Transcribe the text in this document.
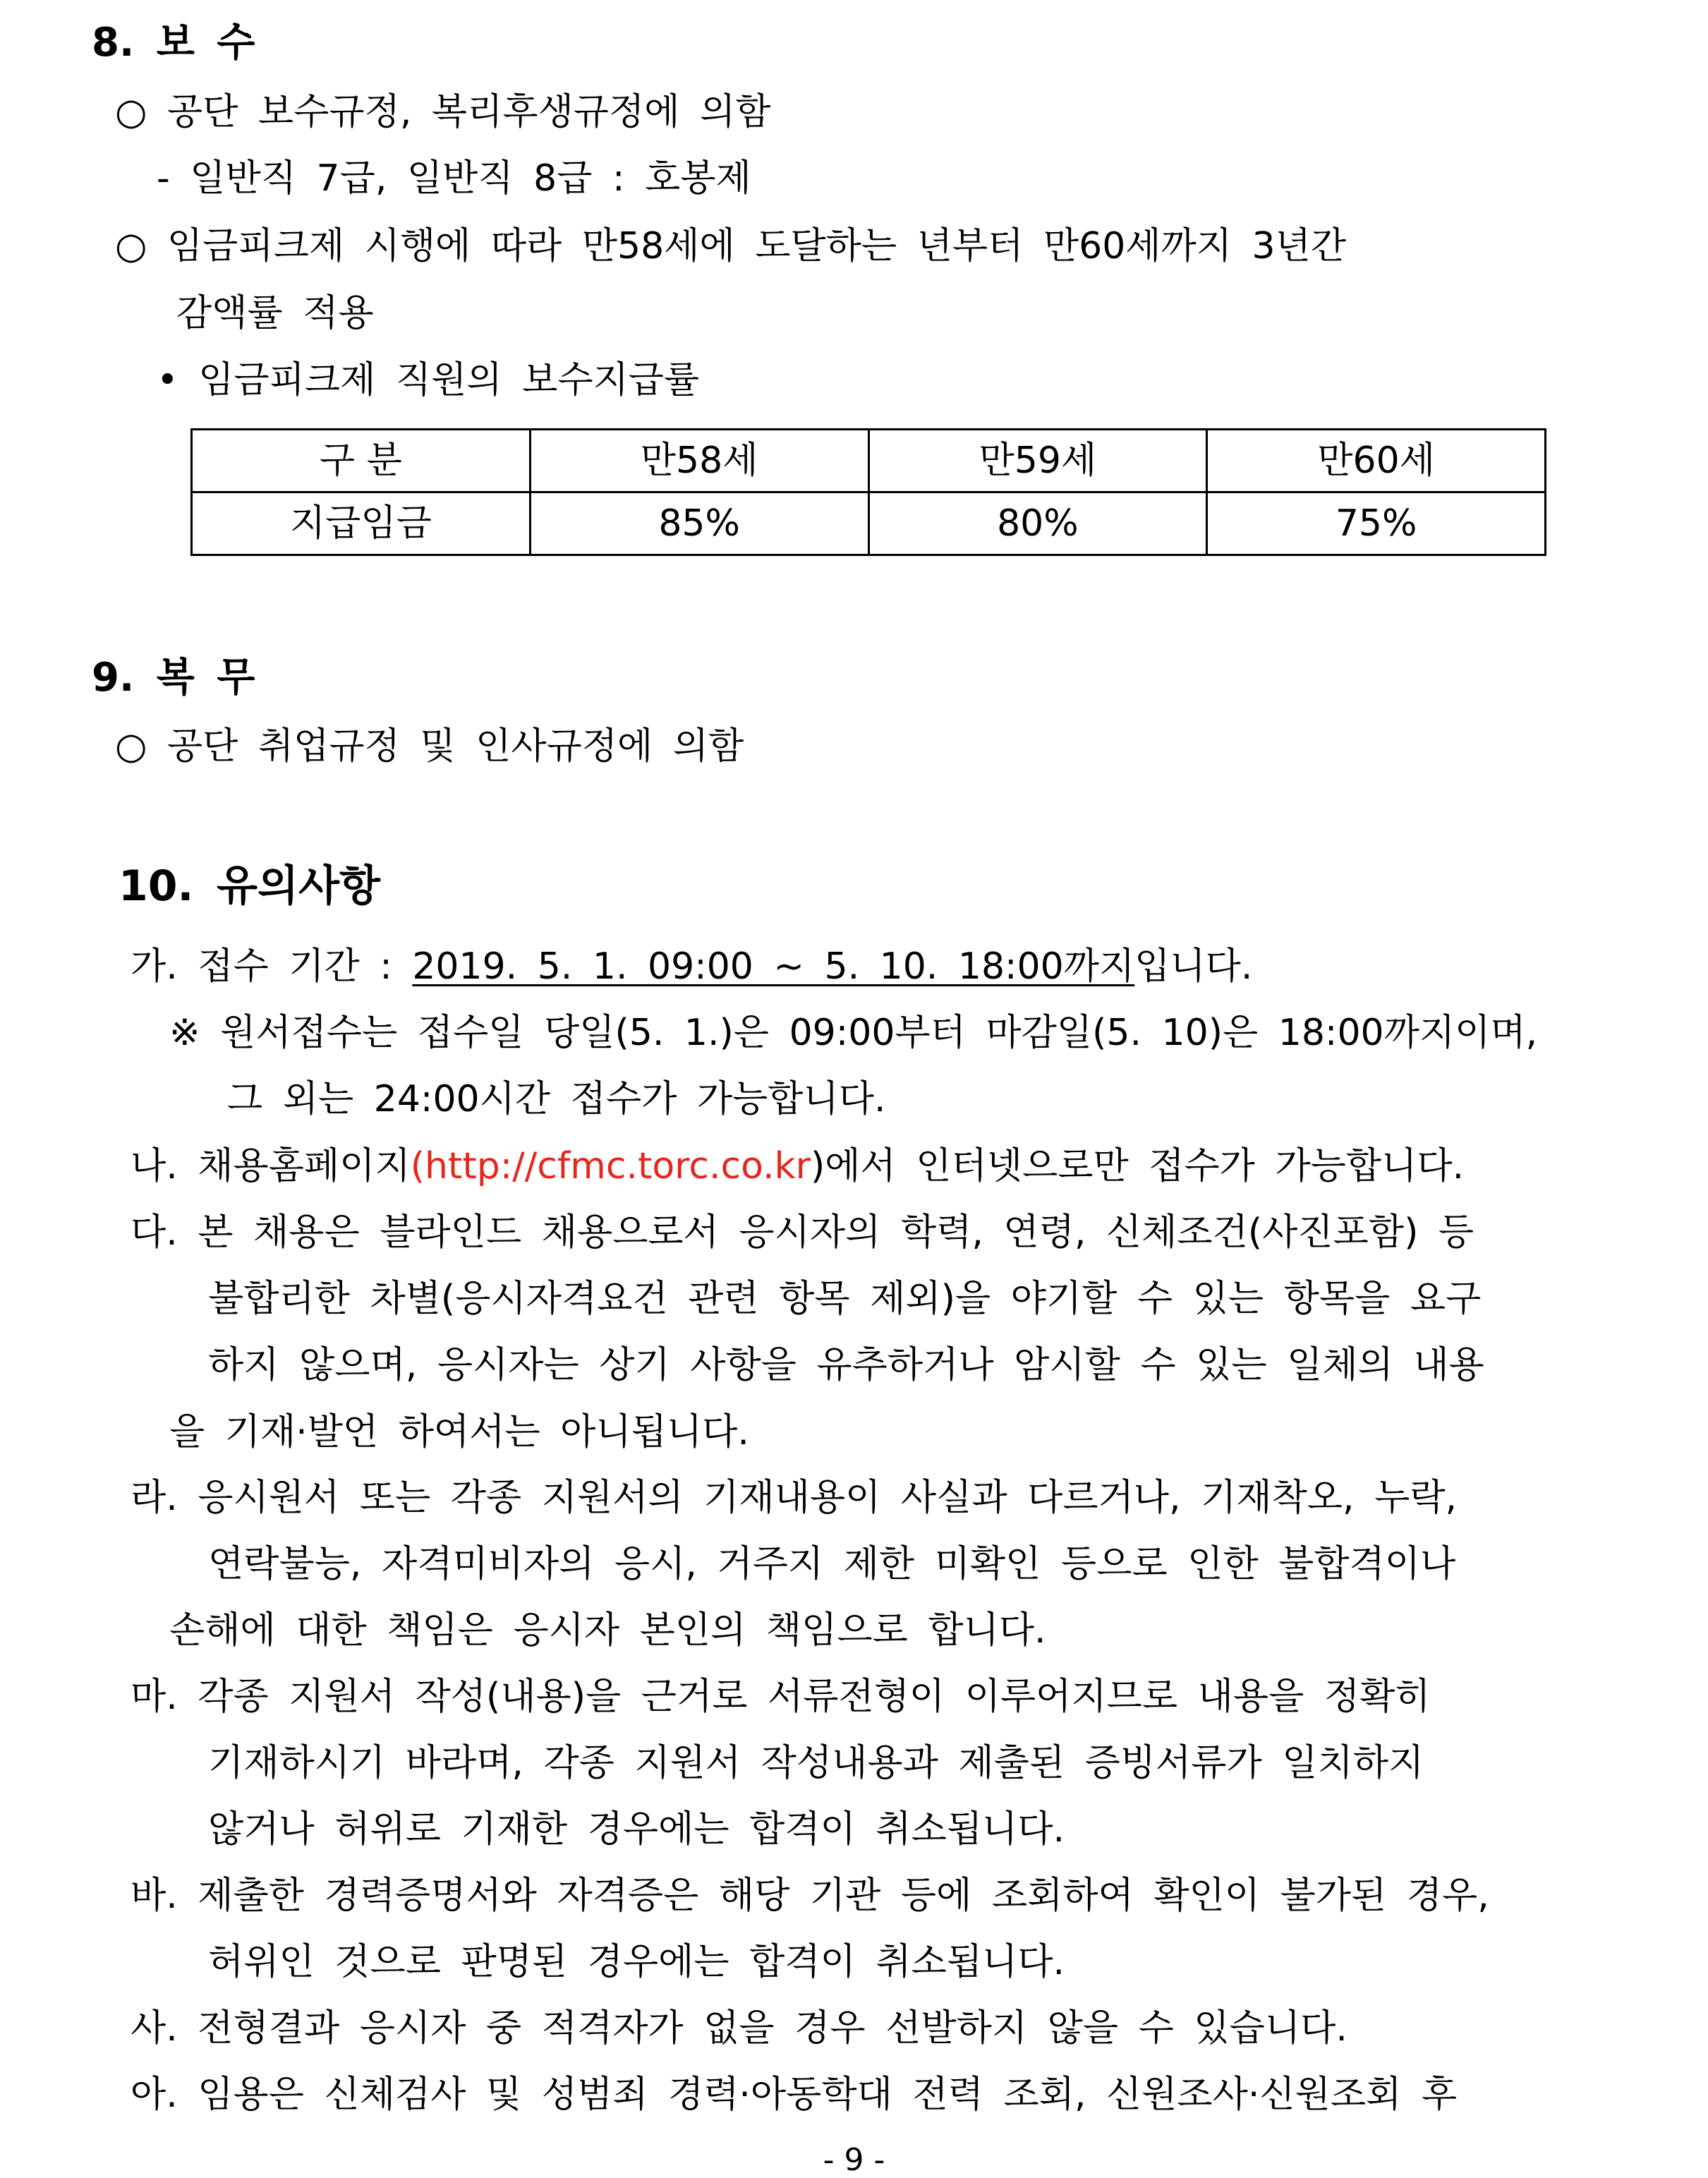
8. 보 수
○ 공단 보수규정, 복리후생규정에 의함
- 일반직 7급, 일반직 8급 : 호봉제
○ 임금피크제 시행에 따라 만58세에 도달하는 년부터 만60세까지 3년간
감액률 적용
• 임금피크제 직원의 보수지급률
구 분	만58세	만59세	만60세
지급임금	85%	80%	75%
9. 복 무
○ 공단 취업규정 및 인사규정에 의함
10. 유의사항
가. 접수 기간 : 2019. 5. 1. 09:00 ~ 5. 10. 18:00까지입니다.
※ 원서접수는 접수일 당일(5. 1.)은 09:00부터 마감일(5. 10)은 18:00까지이며,
그 외는 24:00시간 접수가 가능합니다.
나. 채용홈페이지(http://cfmc.torc.co.kr)에서 인터넷으로만 접수가 가능합니다.
다. 본 채용은 블라인드 채용으로서 응시자의 학력, 연령, 신체조건(사진포함) 등
불합리한 차별(응시자격요건 관련 항목 제외)을 야기할 수 있는 항목을 요구
하지 않으며, 응시자는 상기 사항을 유추하거나 암시할 수 있는 일체의 내용
을 기재·발언 하여서는 아니됩니다.
라. 응시원서 또는 각종 지원서의 기재내용이 사실과 다르거나, 기재착오, 누락,
연락불능, 자격미비자의 응시, 거주지 제한 미확인 등으로 인한 불합격이나
손해에 대한 책임은 응시자 본인의 책임으로 합니다.
마. 각종 지원서 작성(내용)을 근거로 서류전형이 이루어지므로 내용을 정확히
기재하시기 바라며, 각종 지원서 작성내용과 제출된 증빙서류가 일치하지
않거나 허위로 기재한 경우에는 합격이 취소됩니다.
바. 제출한 경력증명서와 자격증은 해당 기관 등에 조회하여 확인이 불가된 경우,
허위인 것으로 판명된 경우에는 합격이 취소됩니다.
사. 전형결과 응시자 중 적격자가 없을 경우 선발하지 않을 수 있습니다.
아. 임용은 신체검사 및 성범죄 경력·아동학대 전력 조회, 신원조사·신원조회 후
- 9 -
